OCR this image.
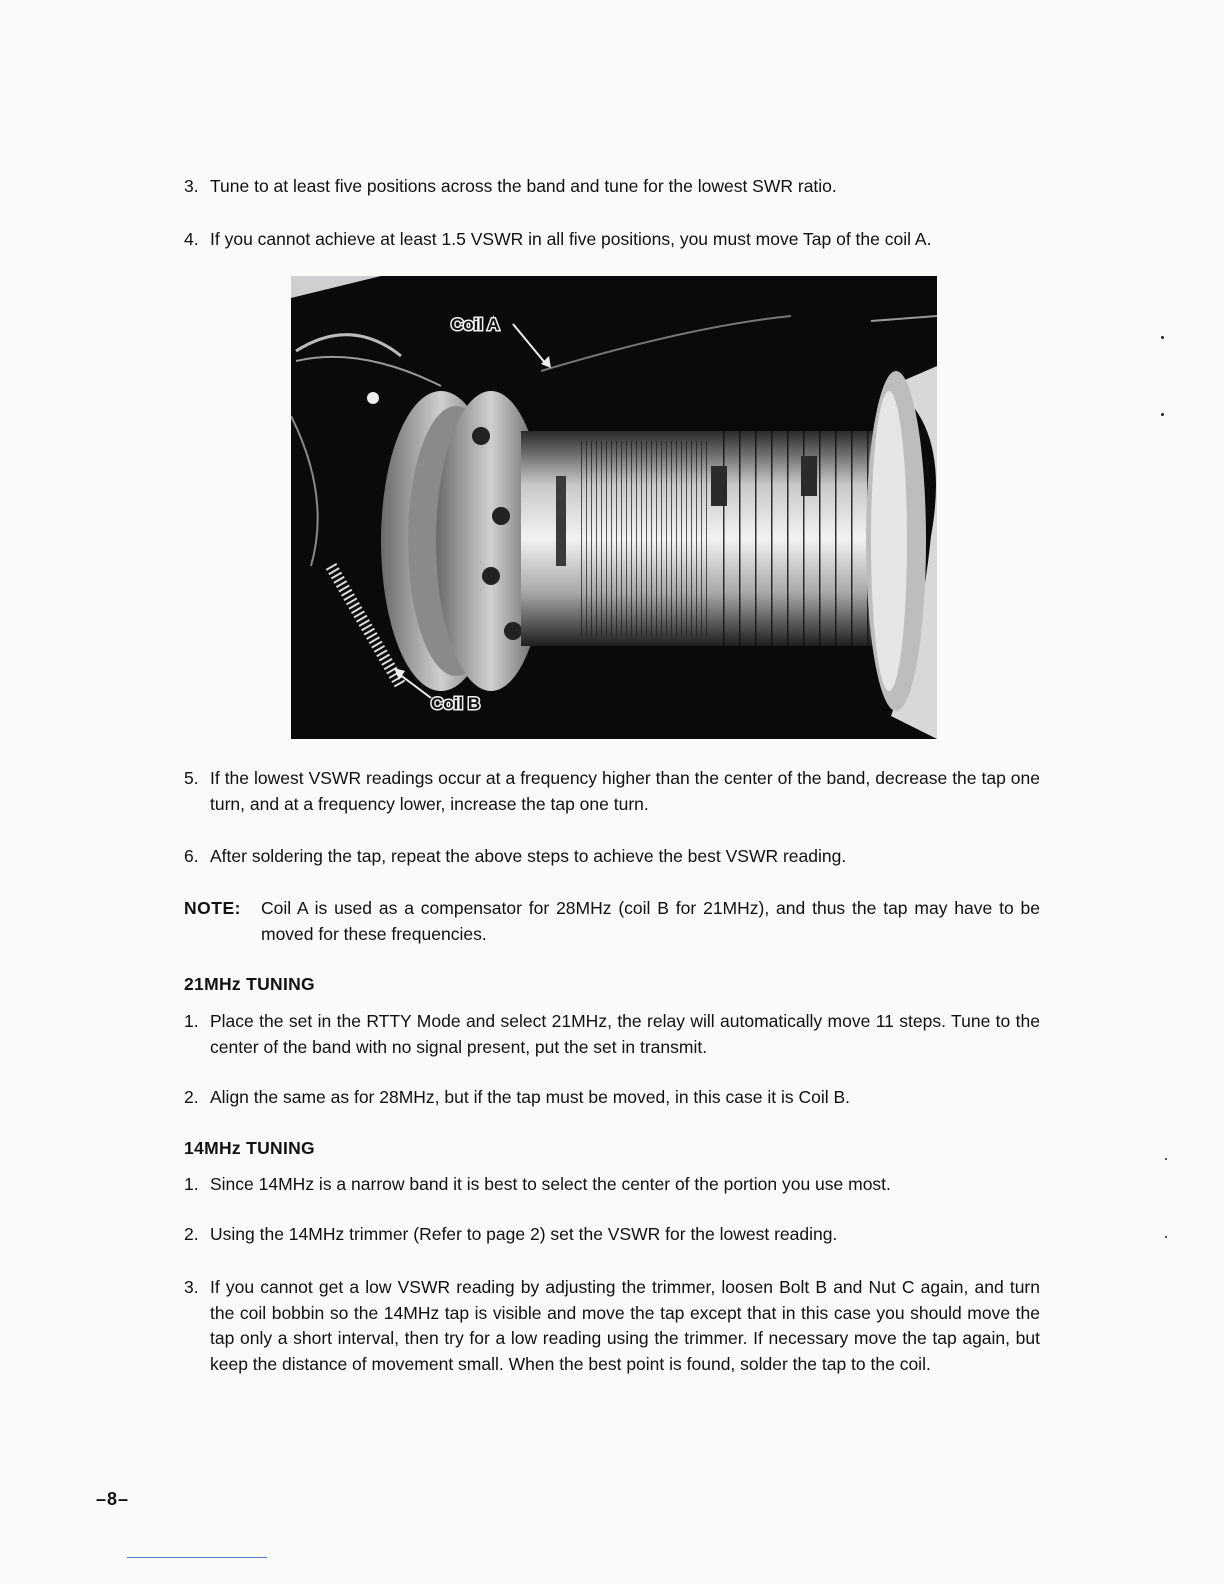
3. Tune to at least five positions across the band and tune for the lowest SWR ratio.
4. If you cannot achieve at least 1.5 VSWR in all five positions, you must move Tap of the coil A.
Coil A
Coil B
5. If the lowest VSWR readings occur at a frequency higher than the center of the band, decrease the tap one turn, and at a frequency lower, increase the tap one turn.
6. After soldering the tap, repeat the above steps to achieve the best VSWR reading.
NOTE:	Coil A is used as a compensator for 28MHz (coil B for 21MHz), and thus the tap may have to be moved for these frequencies.
21MHz TUNING
1. Place the set in the RTTY Mode and select 21MHz, the relay will automatically move 11 steps. Tune to the center of the band with no signal present, put the set in transmit.
2. Align the same as for 28MHz, but if the tap must be moved, in this case it is Coil B.
14MHz TUNING
1. Since 14MHz is a narrow band it is best to select the center of the portion you use most.
2. Using the 14MHz trimmer (Refer to page 2) set the VSWR for the lowest reading.
3. If you cannot get a low VSWR reading by adjusting the trimmer, loosen Bolt B and Nut C again, and turn the coil bobbin so the 14MHz tap is visible and move the tap except that in this case you should move the tap only a short interval, then try for a low reading using the trimmer. If necessary move the tap again, but keep the distance of movement small. When the best point is found, solder the tap to the coil.
–8–
